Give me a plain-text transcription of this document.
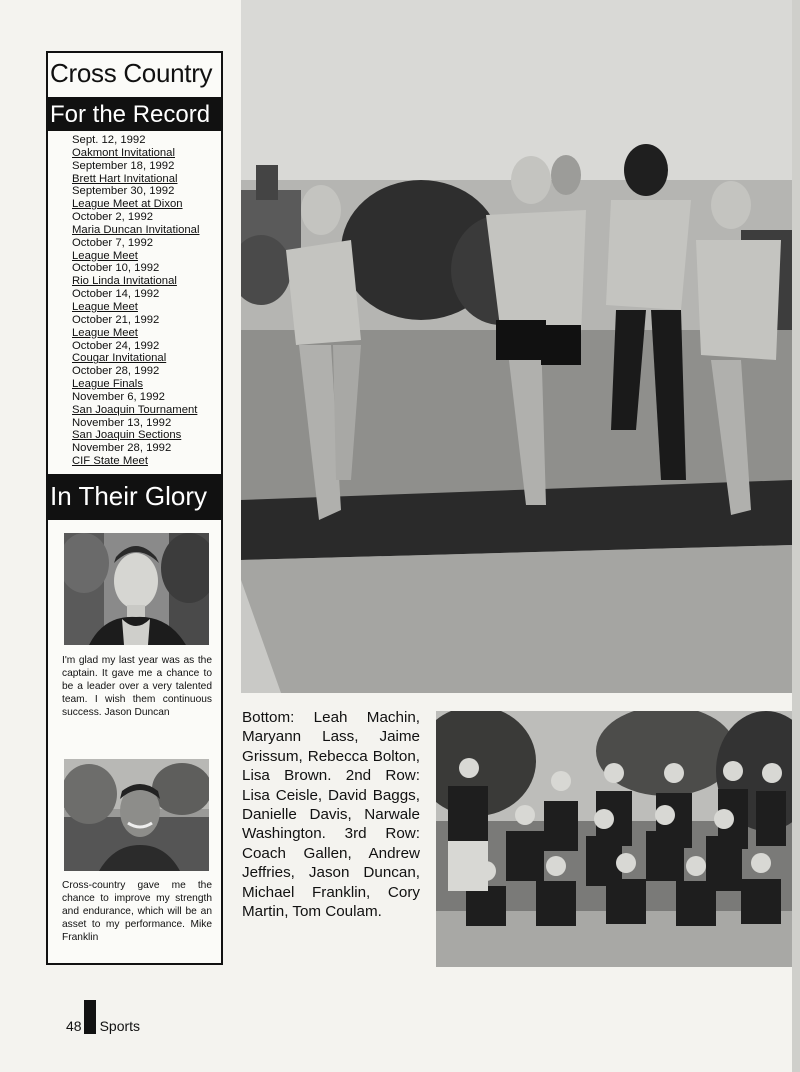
Cross Country
For the Record
Sept. 12, 1992
Oakmont Invitational
September 18, 1992
Brett Hart Invitational
September 30, 1992
League Meet at Dixon
October 2, 1992
Maria Duncan Invitational
October 7, 1992
League Meet
October 10, 1992
Rio Linda Invitational
October 14, 1992
League Meet
October 21, 1992
League Meet
October 24, 1992
Cougar Invitational
October 28, 1992
League Finals
November 6, 1992
San Joaquin Tournament
November 13, 1992
San Joaquin Sections
November 28, 1992
CIF State Meet
In Their Glory
I'm glad my last year was as the captain. It gave me a chance to be a leader over a very talented team. I wish them continuous success. Jason Duncan
Cross-country gave me the chance to improve my strength and endurance, which will be an asset to my performance. Mike Franklin
Bottom: Leah Machin, Maryann Lass, Jaime Grissum, Rebecca Bolton, Lisa Brown. 2nd Row: Lisa Ceisle, David Baggs, Danielle Davis, Narwale Washington. 3rd Row: Coach Gallen, Andrew Jeffries, Jason Duncan, Michael Franklin, Cory Martin, Tom Coulam.
48 Sports
